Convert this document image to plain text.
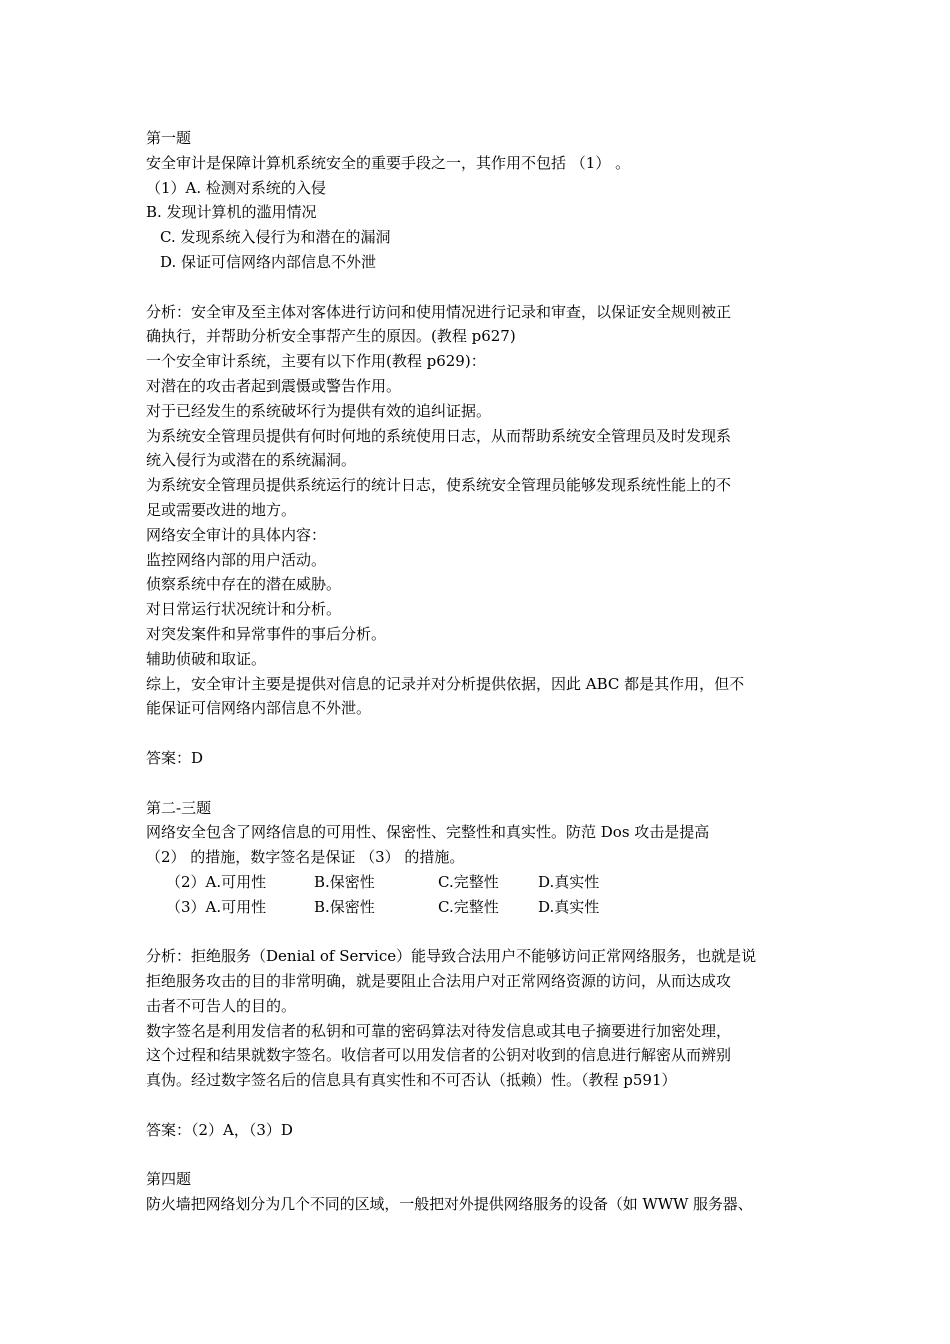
第一题
安全审计是保障计算机系统安全的重要手段之一，其作用不包括 （1） 。
（1）A. 检测对系统的入侵
B. 发现计算机的滥用情况
C. 发现系统入侵行为和潜在的漏洞
D. 保证可信网络内部信息不外泄
分析：安全审及至主体对客体进行访问和使用情况进行记录和审查，以保证安全规则被正
确执行，并帮助分析安全事帮产生的原因。(教程 p627)
一个安全审计系统，主要有以下作用(教程 p629)：
对潜在的攻击者起到震慑或警告作用。
对于已经发生的系统破坏行为提供有效的追纠证据。
为系统安全管理员提供有何时何地的系统使用日志，从而帮助系统安全管理员及时发现系
统入侵行为或潜在的系统漏洞。
为系统安全管理员提供系统运行的统计日志，使系统安全管理员能够发现系统性能上的不
足或需要改进的地方。
网络安全审计的具体内容：
监控网络内部的用户活动。
侦察系统中存在的潜在威胁。
对日常运行状况统计和分析。
对突发案件和异常事件的事后分析。
辅助侦破和取证。
综上，安全审计主要是提供对信息的记录并对分析提供依据，因此 ABC 都是其作用，但不
能保证可信网络内部信息不外泄。
答案：D
第二-三题
网络安全包含了网络信息的可用性、保密性、完整性和真实性。防范 Dos 攻击是提高
（2） 的措施，数字签名是保证 （3） 的措施。
（2）A.可用性	B.保密性	C.完整性	D.真实性
（3）A.可用性	B.保密性	C.完整性	D.真实性
分析：拒绝服务（Denial of Service）能导致合法用户不能够访问正常网络服务，也就是说
拒绝服务攻击的目的非常明确，就是要阻止合法用户对正常网络资源的访问，从而达成攻
击者不可告人的目的。
数字签名是利用发信者的私钥和可靠的密码算法对待发信息或其电子摘要进行加密处理，
这个过程和结果就数字签名。收信者可以用发信者的公钥对收到的信息进行解密从而辨别
真伪。经过数字签名后的信息具有真实性和不可否认（抵赖）性。（教程 p591）
答案：（2）A，（3）D
第四题
防火墙把网络划分为几个不同的区域，一般把对外提供网络服务的设备（如 WWW 服务器、
